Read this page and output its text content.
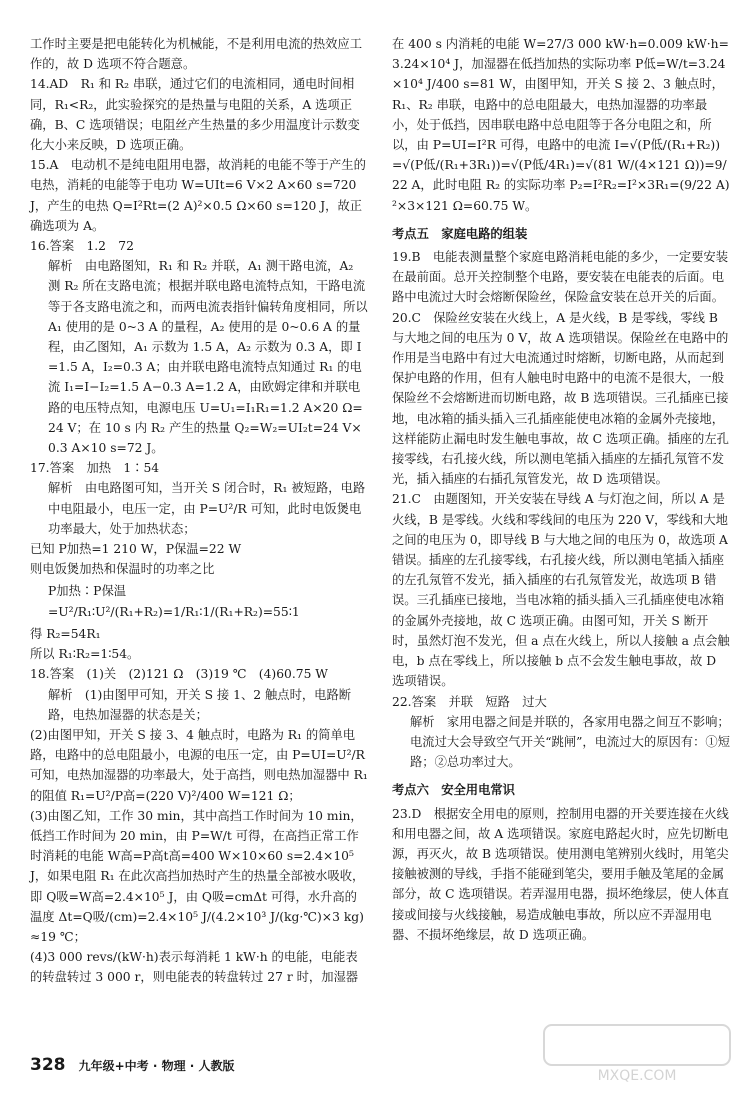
工作时主要是把电能转化为机械能，不是利用电流的热效应工作的，故 D 选项不符合题意。
14.AD　R₁ 和 R₂ 串联，通过它们的电流相同，通电时间相同，R₁<R₂，此实验探究的是热量与电阻的关系，A 选项正确，B、C 选项错误；电阻丝产生热量的多少用温度计示数变化大小来反映，D 选项正确。
15.A　电动机不是纯电阻用电器，故消耗的电能不等于产生的电热，消耗的电能等于电功 W=UIt=6 V×2 A×60 s=720 J，产生的电热 Q=I²Rt=(2 A)²×0.5 Ω×60 s=120 J，故正确选项为 A。
16.答案　1.2　72
解析　由电路图知，R₁ 和 R₂ 并联，A₁ 测干路电流，A₂ 测 R₂ 所在支路电流；根据并联电路电流特点知，干路电流等于各支路电流之和，而两电流表指针偏转角度相同，所以 A₁ 使用的是 0~3 A 的量程，A₂ 使用的是 0~0.6 A 的量程，由乙图知，A₁ 示数为 1.5 A，A₂ 示数为 0.3 A，即 I=1.5 A，I₂=0.3 A；由并联电路电流特点知通过 R₁ 的电流 I₁=I−I₂=1.5 A−0.3 A=1.2 A，由欧姆定律和并联电路的电压特点知，电源电压 U=U₁=I₁R₁=1.2 A×20 Ω=24 V；在 10 s 内 R₂ 产生的热量 Q₂=W₂=UI₂t=24 V×0.3 A×10 s=72 J。
17.答案　加热　1∶54
解析　由电路图可知，当开关 S 闭合时，R₁ 被短路，电路中电阻最小，电压一定，由 P=U²/R 可知，此时电饭煲电功率最大，处于加热状态；
已知 P加热=1 210 W，P保温=22 W
则电饭煲加热和保温时的功率之比
P加热∶P保温=U²/R₁∶U²/(R₁+R₂)=1/R₁∶1/(R₁+R₂)=55∶1
得 R₂=54R₁
所以 R₁∶R₂=1∶54。
18.答案　(1)关　(2)121 Ω　(3)19 ℃　(4)60.75 W
解析　(1)由图甲可知，开关 S 接 1、2 触点时，电路断路，电热加湿器的状态是关；
(2)由图甲知，开关 S 接 3、4 触点时，电路为 R₁ 的简单电路，电路中的总电阻最小，电源的电压一定，由 P=UI=U²/R 可知，电热加湿器的功率最大，处于高挡，则电热加湿器中 R₁ 的阻值 R₁=U²/P高=(220 V)²/400 W=121 Ω；
(3)由图乙知，工作 30 min，其中高挡工作时间为 10 min，低挡工作时间为 20 min，由 P=W/t 可得，在高挡正常工作时消耗的电能 W高=P高t高=400 W×10×60 s=2.4×10⁵ J，如果电阻 R₁ 在此次高挡加热时产生的热量全部被水吸收，即 Q吸=W高=2.4×10⁵ J，由 Q吸=cmΔt 可得，水升高的温度 Δt=Q吸/(cm)=2.4×10⁵ J/(4.2×10³ J/(kg·℃)×3 kg)≈19 ℃；
(4)3 000 revs/(kW·h)表示每消耗 1 kW·h 的电能，电能表的转盘转过 3 000 r，则电能表的转盘转过 27 r 时，加湿器
在 400 s 内消耗的电能 W=27/3 000 kW·h=0.009 kW·h=3.24×10⁴ J，加湿器在低挡加热的实际功率 P低=W/t=3.24×10⁴ J/400 s=81 W，由图甲知，开关 S 接 2、3 触点时，R₁、R₂ 串联，电路中的总电阻最大，电热加湿器的功率最小，处于低挡，因串联电路中总电阻等于各分电阻之和，所以，由 P=UI=I²R 可得，电路中的电流 I=√(P低/(R₁+R₂))=√(P低/(R₁+3R₁))=√(P低/4R₁)=√(81 W/(4×121 Ω))=9/22 A，此时电阻 R₂ 的实际功率 P₂=I²R₂=I²×3R₁=(9/22 A)²×3×121 Ω=60.75 W。
考点五　家庭电路的组装
19.B　电能表测量整个家庭电路消耗电能的多少，一定要安装在最前面。总开关控制整个电路，要安装在电能表的后面。电路中电流过大时会熔断保险丝，保险盒安装在总开关的后面。
20.C　保险丝安装在火线上，A 是火线，B 是零线，零线 B 与大地之间的电压为 0 V，故 A 选项错误。保险丝在电路中的作用是当电路中有过大电流通过时熔断，切断电路，从而起到保护电路的作用，但有人触电时电路中的电流不是很大，一般保险丝不会熔断进而切断电路，故 B 选项错误。三孔插座已接地，电冰箱的插头插入三孔插座能使电冰箱的金属外壳接地，这样能防止漏电时发生触电事故，故 C 选项正确。插座的左孔接零线，右孔接火线，所以测电笔插入插座的左插孔氖管不发光，插入插座的右插孔氖管发光，故 D 选项错误。
21.C　由题图知，开关安装在导线 A 与灯泡之间，所以 A 是火线，B 是零线。火线和零线间的电压为 220 V，零线和大地之间的电压为 0，即导线 B 与大地之间的电压为 0，故选项 A 错误。插座的左孔接零线，右孔接火线，所以测电笔插入插座的左孔氖管不发光，插入插座的右孔氖管发光，故选项 B 错误。三孔插座已接地，当电冰箱的插头插入三孔插座使电冰箱的金属外壳接地，故 C 选项正确。由图可知，开关 S 断开时，虽然灯泡不发光，但 a 点在火线上，所以人接触 a 点会触电，b 点在零线上，所以接触 b 点不会发生触电事故，故 D 选项错误。
22.答案　并联　短路　过大
解析　家用电器之间是并联的，各家用电器之间互不影响；电流过大会导致空气开关“跳闸”，电流过大的原因有：①短路；②总功率过大。
考点六　安全用电常识
23.D　根据安全用电的原则，控制用电器的开关要连接在火线和用电器之间，故 A 选项错误。家庭电路起火时，应先切断电源，再灭火，故 B 选项错误。使用测电笔辨别火线时，用笔尖接触被测的导线，手指不能碰到笔尖，要用手触及笔尾的金属部分，故 C 选项错误。若弄湿用电器，损坏绝缘层，使人体直接或间接与火线接触，易造成触电事故，所以应不弄湿用电器、不损坏绝缘层，故 D 选项正确。
328 九年级+中考 · 物理 · 人教版
MXQE.COM
